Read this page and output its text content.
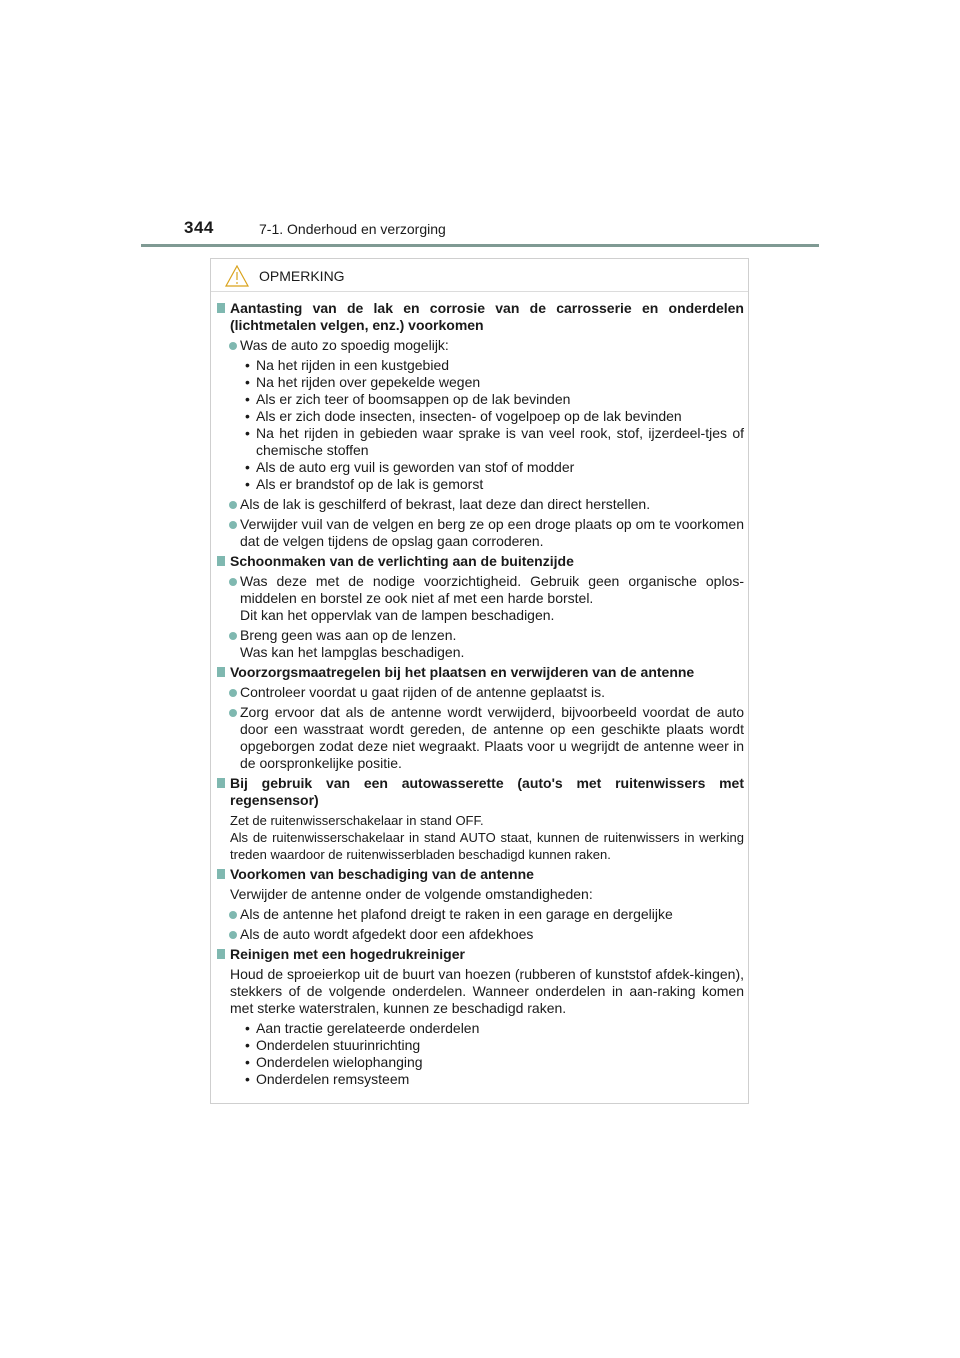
344	7-1. Onderhoud en verzorging
OPMERKING
Aantasting van de lak en corrosie van de carrosserie en onderdelen (lichtmetalen velgen, enz.) voorkomen
Was de auto zo spoedig mogelijk:
• Na het rijden in een kustgebied
• Na het rijden over gepekelde wegen
• Als er zich teer of boomsappen op de lak bevinden
• Als er zich dode insecten, insecten- of vogelpoep op de lak bevinden
• Na het rijden in gebieden waar sprake is van veel rook, stof, ijzerdeel-tjes of chemische stoffen
• Als de auto erg vuil is geworden van stof of modder
• Als er brandstof op de lak is gemorst
Als de lak is geschilferd of bekrast, laat deze dan direct herstellen.
Verwijder vuil van de velgen en berg ze op een droge plaats op om te voorkomen dat de velgen tijdens de opslag gaan corroderen.
Schoonmaken van de verlichting aan de buitenzijde
Was deze met de nodige voorzichtigheid. Gebruik geen organische oplos-middelen en borstel ze ook niet af met een harde borstel.
Dit kan het oppervlak van de lampen beschadigen.
Breng geen was aan op de lenzen.
Was kan het lampglas beschadigen.
Voorzorgsmaatregelen bij het plaatsen en verwijderen van de antenne
Controleer voordat u gaat rijden of de antenne geplaatst is.
Zorg ervoor dat als de antenne wordt verwijderd, bijvoorbeeld voordat de auto door een wasstraat wordt gereden, de antenne op een geschikte plaats wordt opgeborgen zodat deze niet wegraakt. Plaats voor u wegrijdt de antenne weer in de oorspronkelijke positie.
Bij gebruik van een autowasserette (auto's met ruitenwissers met regensensor)
Zet de ruitenwisserschakelaar in stand OFF.
Als de ruitenwisserschakelaar in stand AUTO staat, kunnen de ruitenwissers in werking treden waardoor de ruitenwisserbladen beschadigd kunnen raken.
Voorkomen van beschadiging van de antenne
Verwijder de antenne onder de volgende omstandigheden:
Als de antenne het plafond dreigt te raken in een garage en dergelijke
Als de auto wordt afgedekt door een afdekhoes
Reinigen met een hogedrukreiniger
Houd de sproeierkop uit de buurt van hoezen (rubberen of kunststof afdek-kingen), stekkers of de volgende onderdelen. Wanneer onderdelen in aan-raking komen met sterke waterstralen, kunnen ze beschadigd raken.
• Aan tractie gerelateerde onderdelen
• Onderdelen stuurinrichting
• Onderdelen wielophanging
• Onderdelen remsysteem
